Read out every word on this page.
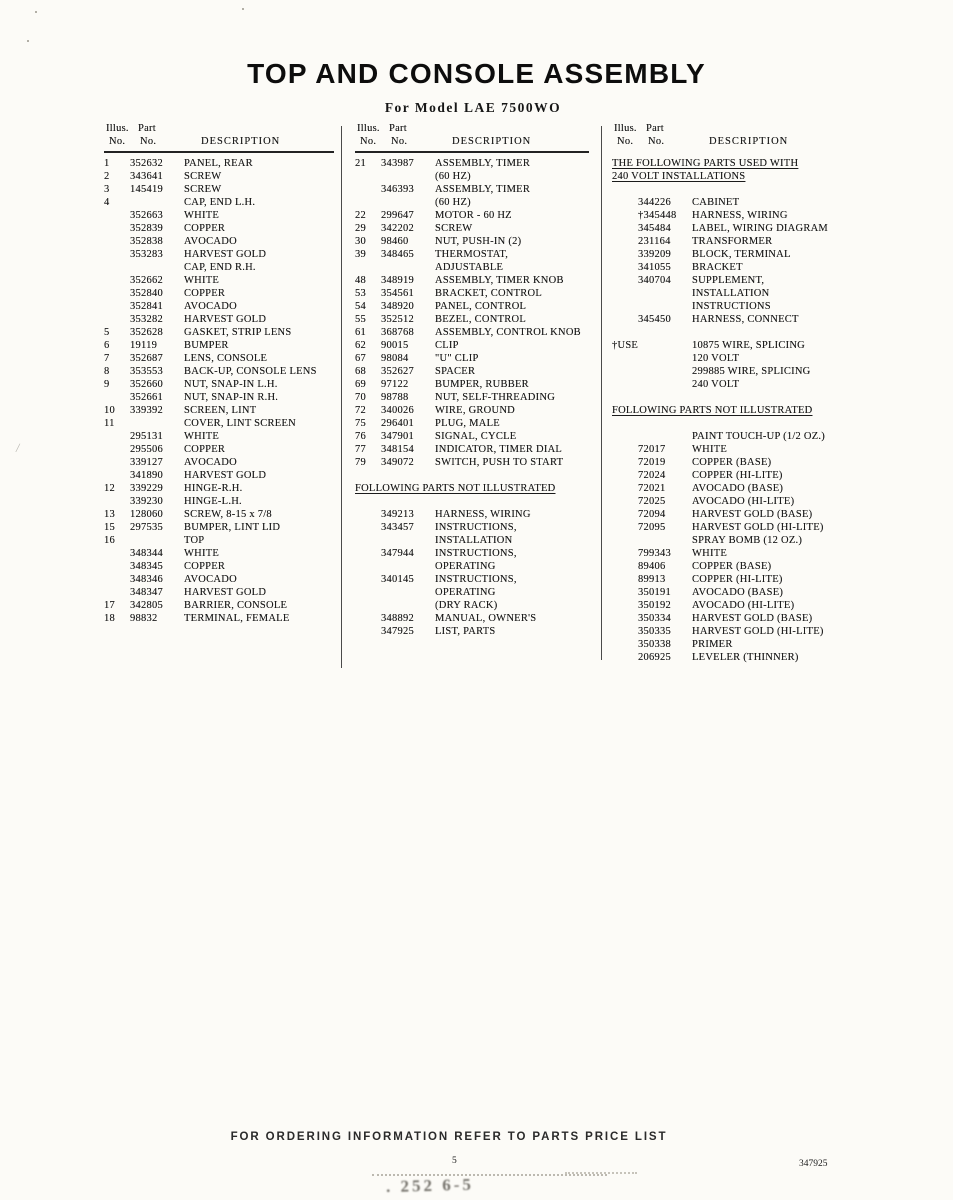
TOP AND CONSOLE ASSEMBLY
For Model LAE 7500WO
Illus. Part
No. No.	DESCRIPTION
1	352632	PANEL, REAR
2	343641	SCREW
3	145419	SCREW
4	CAP, END L.H.
352663	WHITE
352839	COPPER
352838	AVOCADO
353283	HARVEST GOLD
CAP, END R.H.
352662	WHITE
352840	COPPER
352841	AVOCADO
353282	HARVEST GOLD
5	352628	GASKET, STRIP LENS
6	19119	BUMPER
7	352687	LENS, CONSOLE
8	353553	BACK-UP, CONSOLE LENS
9	352660	NUT, SNAP-IN L.H.
352661	NUT, SNAP-IN R.H.
10	339392	SCREEN, LINT
11	COVER, LINT SCREEN
295131	WHITE
295506	COPPER
339127	AVOCADO
341890	HARVEST GOLD
12	339229	HINGE-R.H.
339230	HINGE-L.H.
13	128060	SCREW, 8-15 x 7/8
15	297535	BUMPER, LINT LID
16	TOP
348344	WHITE
348345	COPPER
348346	AVOCADO
348347	HARVEST GOLD
17	342805	BARRIER, CONSOLE
18	98832	TERMINAL, FEMALE
Illus. Part
No. No.	DESCRIPTION
21	343987	ASSEMBLY, TIMER
(60 HZ)
346393	ASSEMBLY, TIMER
(60 HZ)
22	299647	MOTOR - 60 HZ
29	342202	SCREW
30	98460	NUT, PUSH-IN (2)
39	348465	THERMOSTAT,
ADJUSTABLE
48	348919	ASSEMBLY, TIMER KNOB
53	354561	BRACKET, CONTROL
54	348920	PANEL, CONTROL
55	352512	BEZEL, CONTROL
61	368768	ASSEMBLY, CONTROL KNOB
62	90015	CLIP
67	98084	"U" CLIP
68	352627	SPACER
69	97122	BUMPER, RUBBER
70	98788	NUT, SELF-THREADING
72	340026	WIRE, GROUND
75	296401	PLUG, MALE
76	347901	SIGNAL, CYCLE
77	348154	INDICATOR, TIMER DIAL
79	349072	SWITCH, PUSH TO START
FOLLOWING PARTS NOT ILLUSTRATED
349213	HARNESS, WIRING
343457	INSTRUCTIONS,
INSTALLATION
347944	INSTRUCTIONS,
OPERATING
340145	INSTRUCTIONS,
OPERATING
(DRY RACK)
348892	MANUAL, OWNER'S
347925	LIST, PARTS
Illus. Part
No. No.	DESCRIPTION
THE FOLLOWING PARTS USED WITH
240 VOLT INSTALLATIONS
344226	CABINET
†345448	HARNESS, WIRING
345484	LABEL, WIRING DIAGRAM
231164	TRANSFORMER
339209	BLOCK, TERMINAL
341055	BRACKET
340704	SUPPLEMENT,
INSTALLATION
INSTRUCTIONS
345450	HARNESS, CONNECT
†USE	10875 WIRE, SPLICING
120 VOLT
299885 WIRE, SPLICING
240 VOLT
FOLLOWING PARTS NOT ILLUSTRATED
PAINT TOUCH-UP (1/2 OZ.)
72017	WHITE
72019	COPPER (BASE)
72024	COPPER (HI-LITE)
72021	AVOCADO (BASE)
72025	AVOCADO (HI-LITE)
72094	HARVEST GOLD (BASE)
72095	HARVEST GOLD (HI-LITE)
SPRAY BOMB (12 OZ.)
799343	WHITE
89406	COPPER (BASE)
89913	COPPER (HI-LITE)
350191	AVOCADO (BASE)
350192	AVOCADO (HI-LITE)
350334	HARVEST GOLD (BASE)
350335	HARVEST GOLD (HI-LITE)
350338	PRIMER
206925	LEVELER (THINNER)
FOR ORDERING INFORMATION REFER TO PARTS PRICE LIST
5	347925
. 252 6-5
/
